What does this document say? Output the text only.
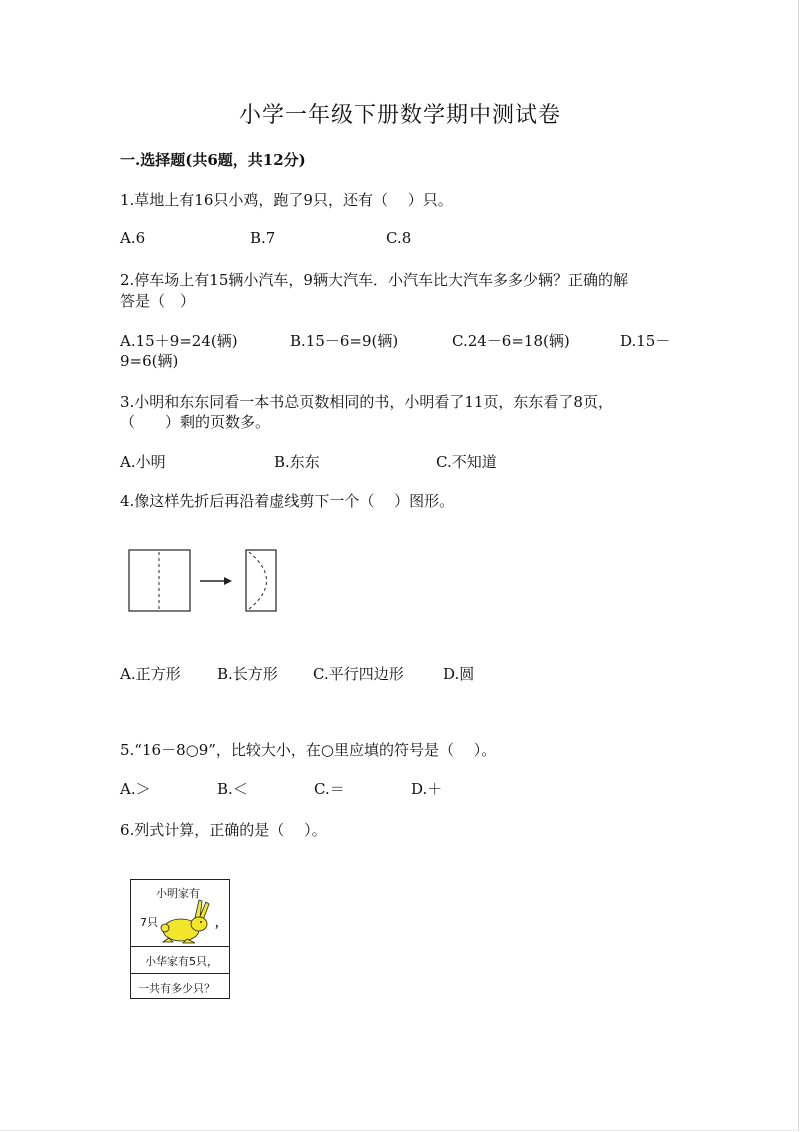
小学一年级下册数学期中测试卷
一.选择题(共6题，共12分)
1.草地上有16只小鸡，跑了9只，还有（　 ）只。
A.6	B.7	C.8
2.停车场上有15辆小汽车，9辆大汽车．小汽车比大汽车多多少辆？正确的解
答是（　）
A.15＋9=24(辆)	B.15－6=9(辆)	C.24－6=18(辆)	D.15－
9=6(辆)
3.小明和东东同看一本书总页数相同的书，小明看了11页，东东看了8页，
（　　）剩的页数多。
A.小明	B.东东	C.不知道
4.像这样先折后再沿着虚线剪下一个（　 ）图形。
A.正方形 B.长方形 C.平行四边形	D.圆
5.“16－8○9”，比较大小，在○里应填的符号是（　 ）。
A.＞	B.＜	C.＝	D.＋
6.列式计算，正确的是（　 ）。
小明家有
7只	，
小华家有5只，
一共有多少只？
